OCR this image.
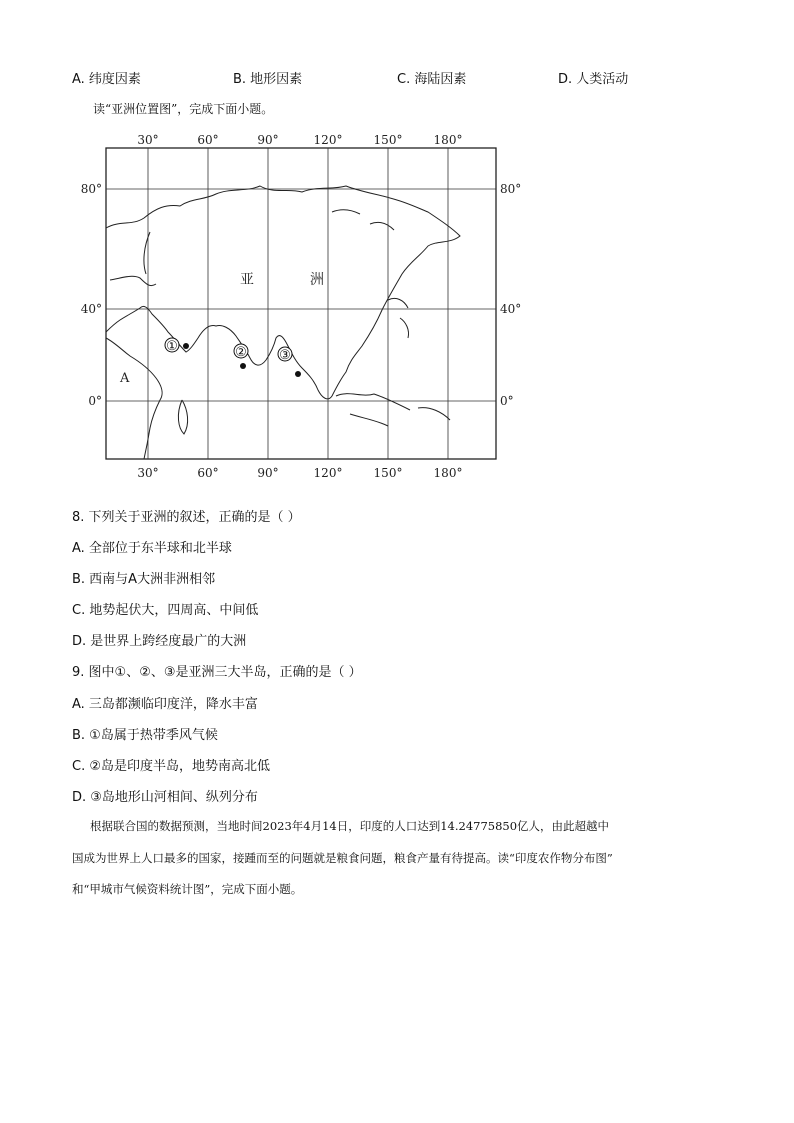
A. 纬度因素	B. 地形因素	C. 海陆因素	D. 人类活动
读“亚洲位置图”，完成下面小题。
30°	60°	90°	120°	150°	180°
30°	60°	90°	120°	150°	180°
80°
40°
0°
80°
40°
0°
亚	洲
A
①	② ③
8. 下列关于亚洲的叙述，正确的是（ ）
A. 全部位于东半球和北半球
B. 西南与A大洲非洲相邻
C. 地势起伏大，四周高、中间低
D. 是世界上跨经度最广的大洲
9. 图中①、②、③是亚洲三大半岛，正确的是（ ）
A. 三岛都濒临印度洋，降水丰富
B. ①岛属于热带季风气候
C. ②岛是印度半岛，地势南高北低
D. ③岛地形山河相间、纵列分布
根据联合国的数据预测，当地时间2023年4月14日，印度的人口达到14.24775850亿人，由此超越中
国成为世界上人口最多的国家，接踵而至的问题就是粮食问题，粮食产量有待提高。读“印度农作物分布图”
和“甲城市气候资料统计图”，完成下面小题。
